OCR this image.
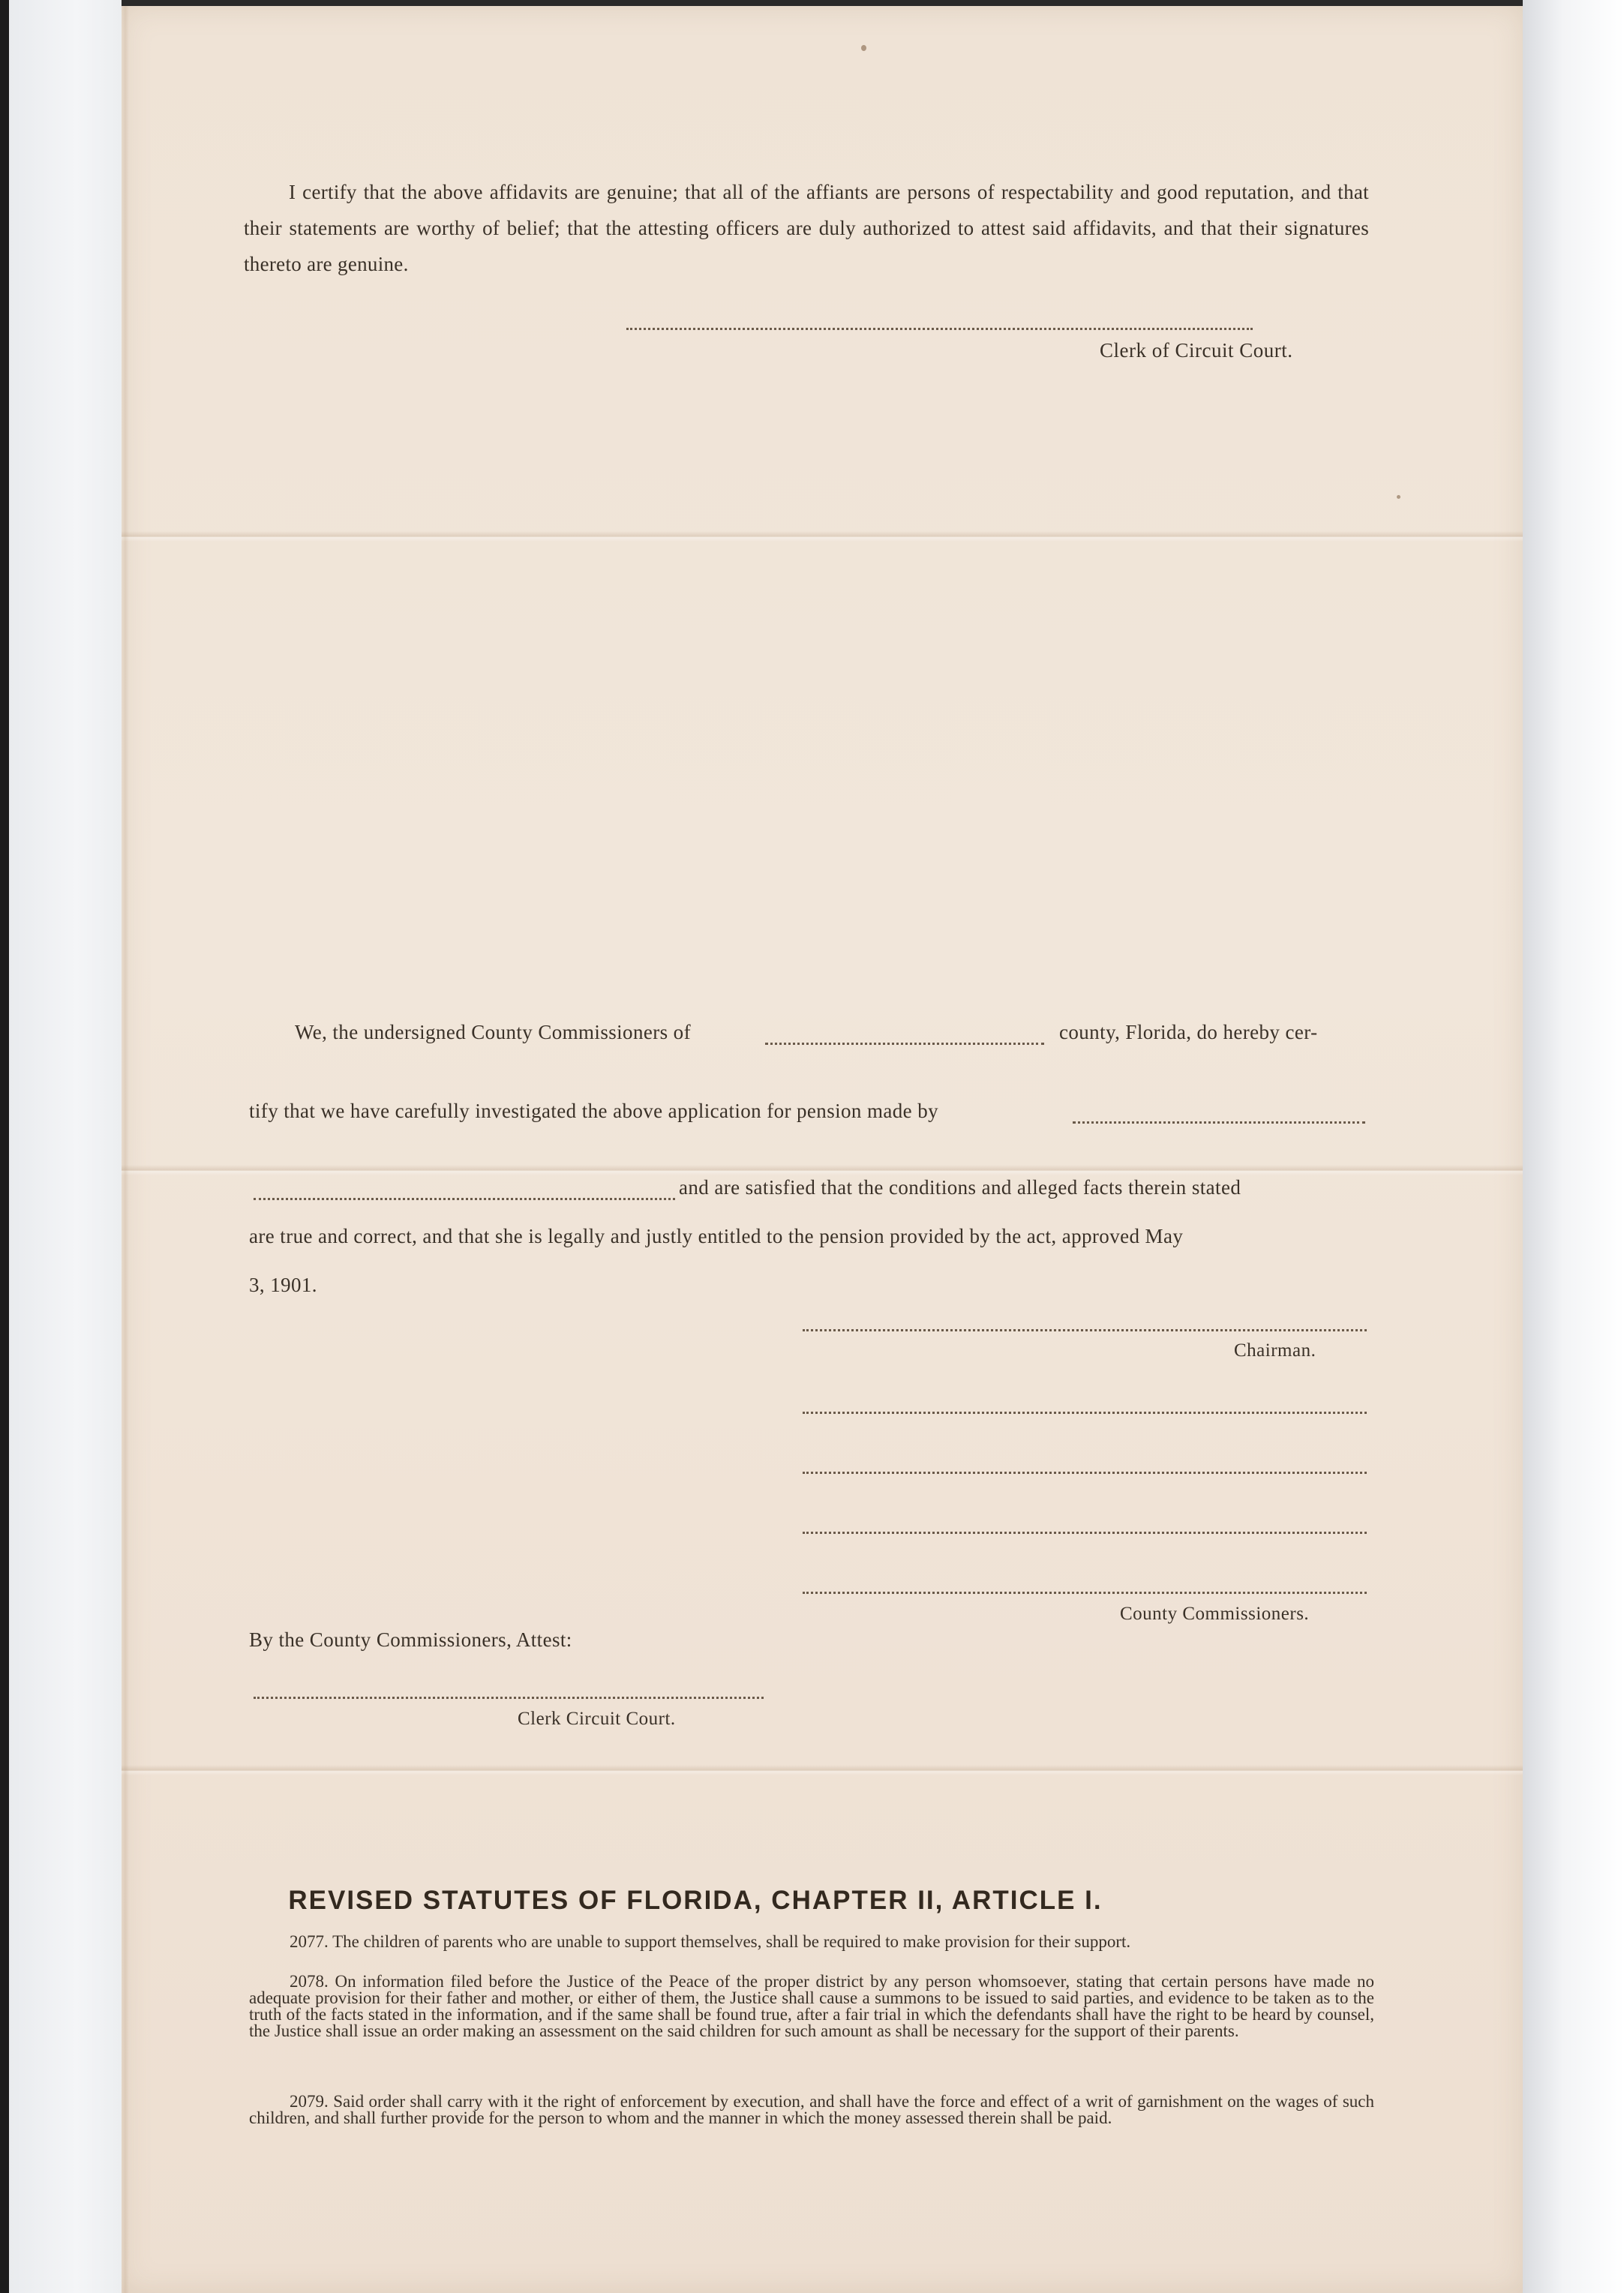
I certify that the above affidavits are genuine; that all of the affiants are persons of respectability and good reputation, and that their statements are worthy of belief; that the attesting officers are duly authorized to attest said affidavits, and that their signatures thereto are genuine.
Clerk of Circuit Court.
We, the undersigned County Commissioners of	county, Florida, do hereby cer-
tify that we have carefully investigated the above application for pension made by
and are satisfied that the conditions and alleged facts therein stated
are true and correct, and that she is legally and justly entitled to the pension provided by the act, approved May
3, 1901.
Chairman.
County Commissioners.
By the County Commissioners, Attest:
Clerk Circuit Court.
REVISED STATUTES OF FLORIDA, CHAPTER II, ARTICLE I.
2077. The children of parents who are unable to support themselves, shall be required to make provision for their support.
2078. On information filed before the Justice of the Peace of the proper district by any person whomsoever, stating that certain persons have made no adequate provision for their father and mother, or either of them, the Justice shall cause a summons to be issued to said parties, and evidence to be taken as to the truth of the facts stated in the information, and if the same shall be found true, after a fair trial in which the defendants shall have the right to be heard by counsel, the Justice shall issue an order making an assessment on the said children for such amount as shall be necessary for the support of their parents.
2079. Said order shall carry with it the right of enforcement by execution, and shall have the force and effect of a writ of garnishment on the wages of such children, and shall further provide for the person to whom and the manner in which the money assessed therein shall be paid.
